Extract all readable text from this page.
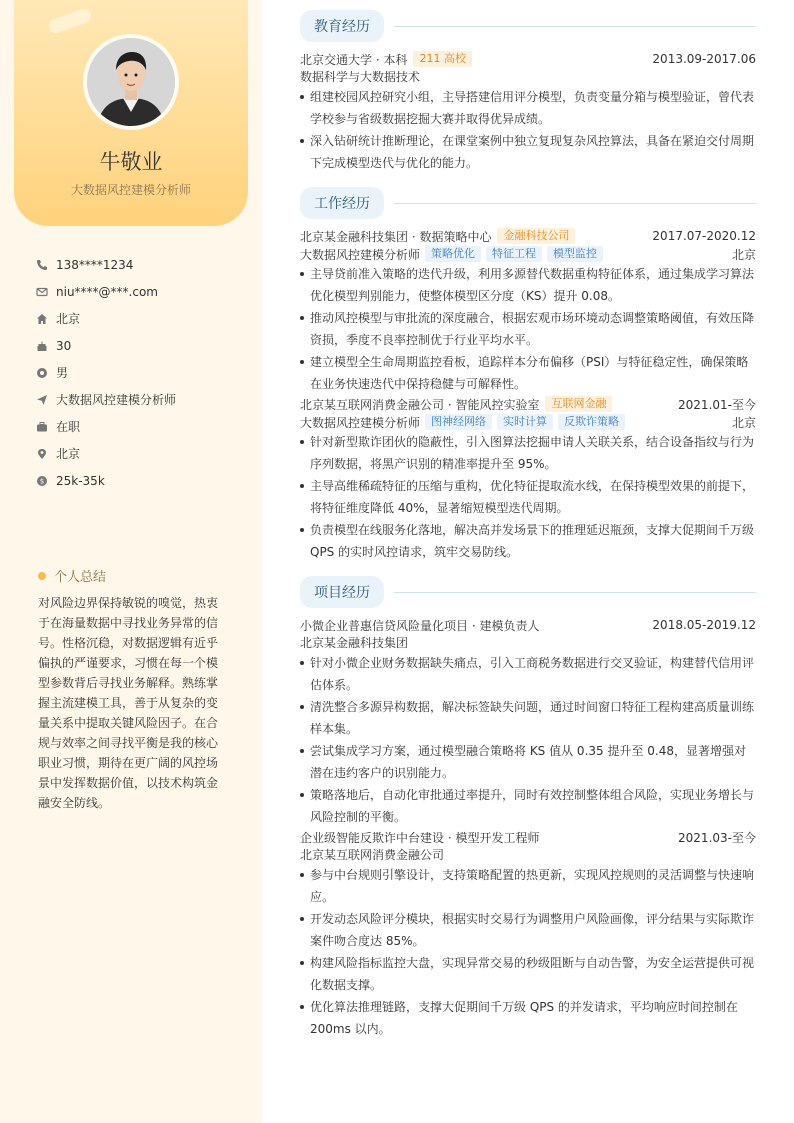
牛敬业
大数据风控建模分析师
138****1234
niu****@***.com
北京
30
男
大数据风控建模分析师
在职
北京
$ 25k-35k
个人总结
对风险边界保持敏锐的嗅觉，热衷于在海量数据中寻找业务异常的信号。性格沉稳，对数据逻辑有近乎偏执的严谨要求，习惯在每一个模型参数背后寻找业务解释。熟练掌握主流建模工具，善于从复杂的变量关系中提取关键风险因子。在合规与效率之间寻找平衡是我的核心职业习惯，期待在更广阔的风控场景中发挥数据价值，以技术构筑金融安全防线。
教育经历
北京交通大学 · 本科	211 高校	2013.09-2017.06
数据科学与大数据技术
组建校园风控研究小组，主导搭建信用评分模型，负责变量分箱与模型验证，曾代表学校参与省级数据挖掘大赛并取得优异成绩。
深入钻研统计推断理论，在课堂案例中独立复现复杂风控算法，具备在紧迫交付周期下完成模型迭代与优化的能力。
工作经历
北京某金融科技集团 · 数据策略中心	金融科技公司	2017.07-2020.12
大数据风控建模分析师	策略优化	特征工程	模型监控	北京
主导贷前准入策略的迭代升级，利用多源替代数据重构特征体系，通过集成学习算法优化模型判别能力，使整体模型区分度（KS）提升 0.08。
推动风控模型与审批流的深度融合，根据宏观市场环境动态调整策略阈值，有效压降资损，季度不良率控制优于行业平均水平。
建立模型全生命周期监控看板，追踪样本分布偏移（PSI）与特征稳定性，确保策略在业务快速迭代中保持稳健与可解释性。
北京某互联网消费金融公司 · 智能风控实验室	互联网金融	2021.01-至今
大数据风控建模分析师	图神经网络	实时计算	反欺诈策略	北京
针对新型欺诈团伙的隐蔽性，引入图算法挖掘申请人关联关系，结合设备指纹与行为序列数据，将黑产识别的精准率提升至 95%。
主导高维稀疏特征的压缩与重构，优化特征提取流水线，在保持模型效果的前提下，将特征维度降低 40%，显著缩短模型迭代周期。
负责模型在线服务化落地，解决高并发场景下的推理延迟瓶颈，支撑大促期间千万级 QPS 的实时风控请求，筑牢交易防线。
项目经历
小微企业普惠信贷风险量化项目 · 建模负责人	2018.05-2019.12
北京某金融科技集团
针对小微企业财务数据缺失痛点，引入工商税务数据进行交叉验证，构建替代信用评估体系。
清洗整合多源异构数据，解决标签缺失问题，通过时间窗口特征工程构建高质量训练样本集。
尝试集成学习方案，通过模型融合策略将 KS 值从 0.35 提升至 0.48，显著增强对潜在违约客户的识别能力。
策略落地后，自动化审批通过率提升，同时有效控制整体组合风险，实现业务增长与风险控制的平衡。
企业级智能反欺诈中台建设 · 模型开发工程师	2021.03-至今
北京某互联网消费金融公司
参与中台规则引擎设计，支持策略配置的热更新，实现风控规则的灵活调整与快速响应。
开发动态风险评分模块，根据实时交易行为调整用户风险画像，评分结果与实际欺诈案件吻合度达 85%。
构建风险指标监控大盘，实现异常交易的秒级阻断与自动告警，为安全运营提供可视化数据支撑。
优化算法推理链路，支撑大促期间千万级 QPS 的并发请求，平均响应时间控制在 200ms 以内。
